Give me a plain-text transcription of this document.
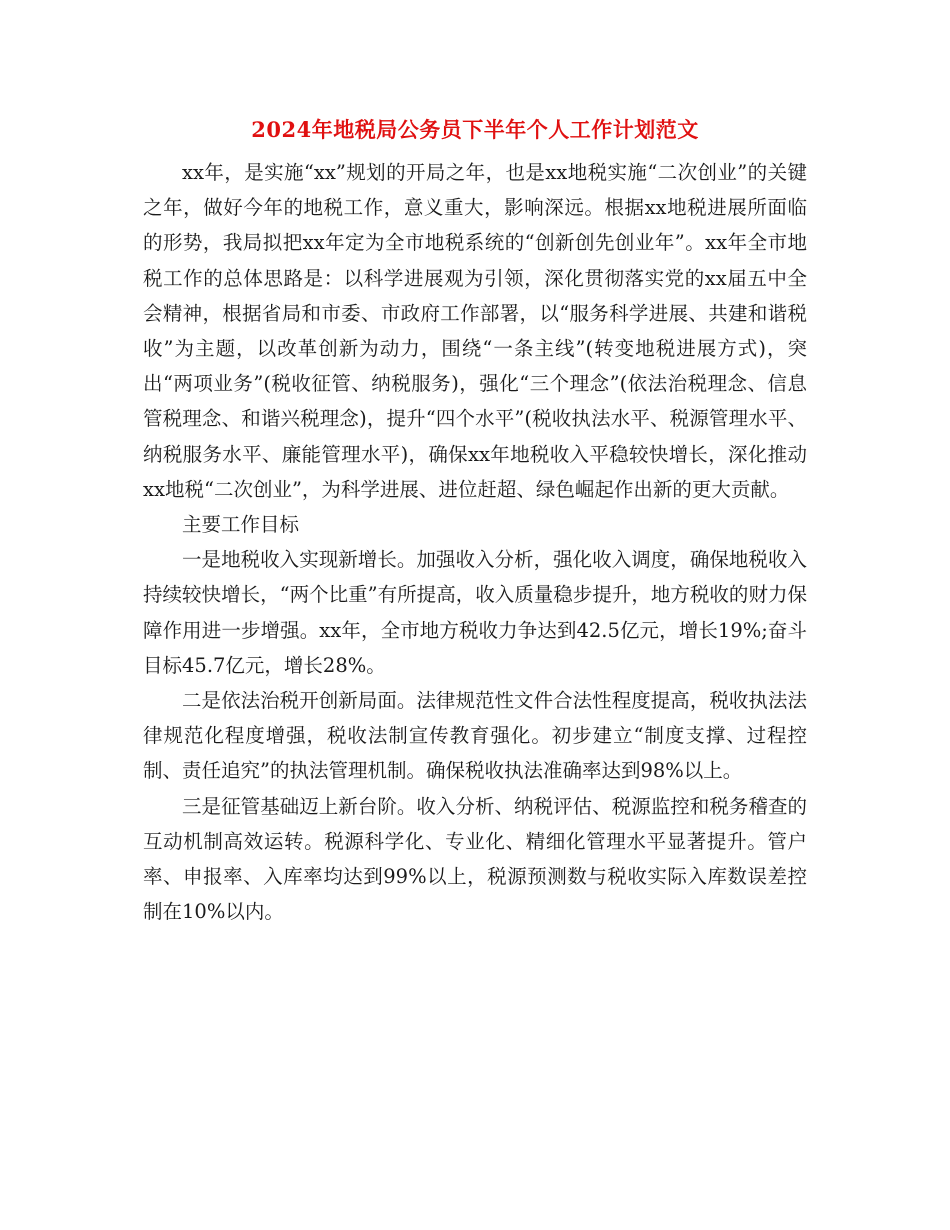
2024年地税局公务员下半年个人工作计划范文

xx年，是实施“xx”规划的开局之年，也是xx地税实施“二次创业”的关键之年，做好今年的地税工作，意义重大，影响深远。根据xx地税进展所面临的形势，我局拟把xx年定为全市地税系统的“创新创先创业年”。xx年全市地税工作的总体思路是：以科学进展观为引领，深化贯彻落实党的xx届五中全会精神，根据省局和市委、市政府工作部署，以“服务科学进展、共建和谐税收”为主题，以改革创新为动力，围绕“一条主线”(转变地税进展方式)，突出“两项业务”(税收征管、纳税服务)，强化“三个理念”(依法治税理念、信息管税理念、和谐兴税理念)，提升“四个水平”(税收执法水平、税源管理水平、纳税服务水平、廉能管理水平)，确保xx年地税收入平稳较快增长，深化推动xx地税“二次创业”，为科学进展、进位赶超、绿色崛起作出新的更大贡献。

主要工作目标

一是地税收入实现新增长。加强收入分析，强化收入调度，确保地税收入持续较快增长，“两个比重”有所提高，收入质量稳步提升，地方税收的财力保障作用进一步增强。xx年，全市地方税收力争达到42.5亿元，增长19%;奋斗目标45.7亿元，增长28%。

二是依法治税开创新局面。法律规范性文件合法性程度提高，税收执法法律规范化程度增强，税收法制宣传教育强化。初步建立“制度支撑、过程控制、责任追究”的执法管理机制。确保税收执法准确率达到98%以上。

三是征管基础迈上新台阶。收入分析、纳税评估、税源监控和税务稽查的互动机制高效运转。税源科学化、专业化、精细化管理水平显著提升。管户率、申报率、入库率均达到99%以上，税源预测数与税收实际入库数误差控制在10%以内。
